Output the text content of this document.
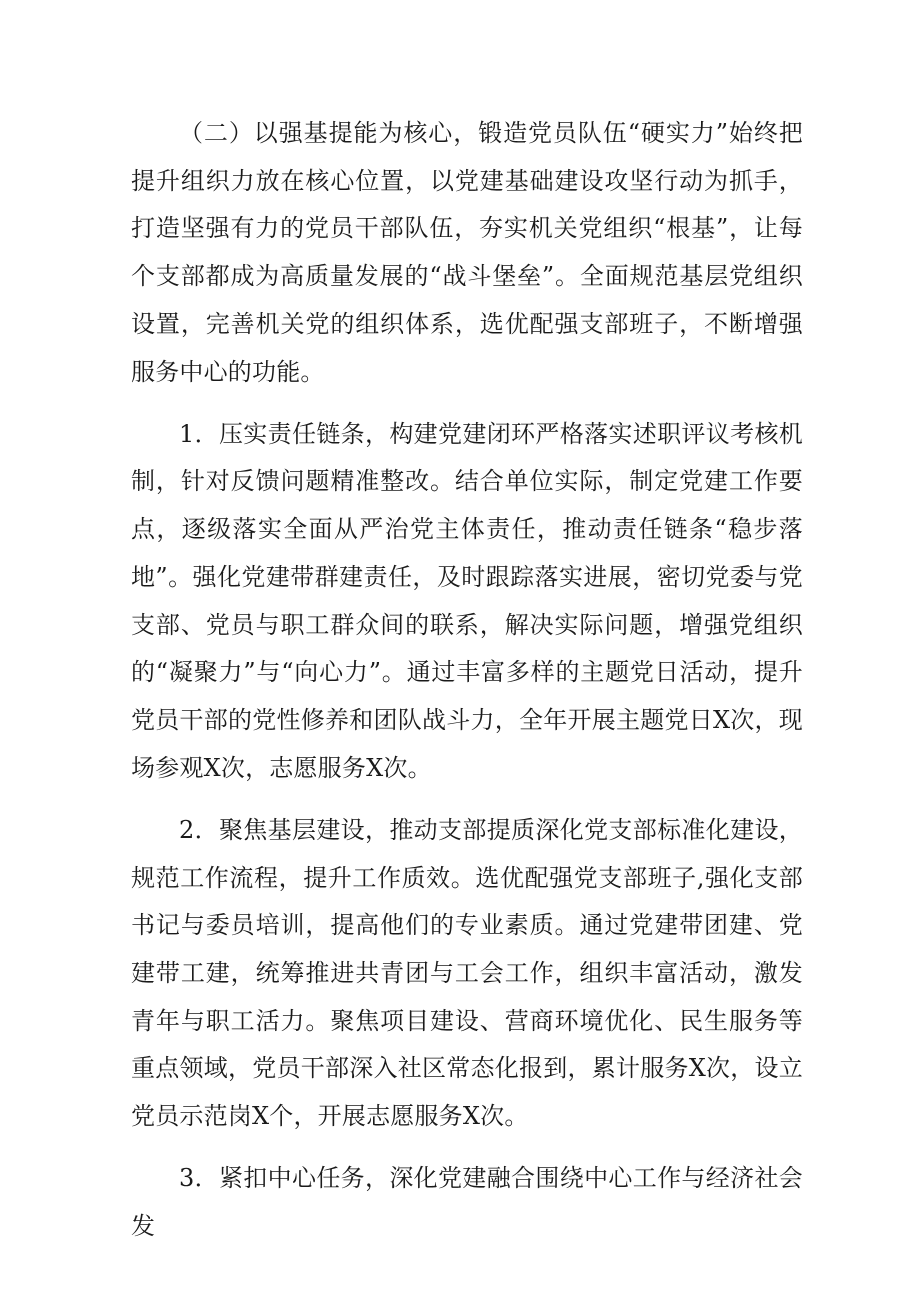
（二）以强基提能为核心，锻造党员队伍“硬实力”始终把提升组织力放在核心位置，以党建基础建设攻坚行动为抓手，打造坚强有力的党员干部队伍，夯实机关党组织“根基”，让每个支部都成为高质量发展的“战斗堡垒”。全面规范基层党组织设置，完善机关党的组织体系，选优配强支部班子，不断增强服务中心的功能。

1．压实责任链条，构建党建闭环严格落实述职评议考核机制，针对反馈问题精准整改。结合单位实际，制定党建工作要点，逐级落实全面从严治党主体责任，推动责任链条“稳步落地”。强化党建带群建责任，及时跟踪落实进展，密切党委与党支部、党员与职工群众间的联系，解决实际问题，增强党组织的“凝聚力”与“向心力”。通过丰富多样的主题党日活动，提升党员干部的党性修养和团队战斗力，全年开展主题党日X次，现场参观X次，志愿服务X次。

2．聚焦基层建设，推动支部提质深化党支部标准化建设，规范工作流程，提升工作质效。选优配强党支部班子,强化支部书记与委员培训，提高他们的专业素质。通过党建带团建、党建带工建，统筹推进共青团与工会工作，组织丰富活动，激发青年与职工活力。聚焦项目建设、营商环境优化、民生服务等重点领域，党员干部深入社区常态化报到，累计服务X次，设立党员示范岗X个，开展志愿服务X次。

3．紧扣中心任务，深化党建融合围绕中心工作与经济社会发
